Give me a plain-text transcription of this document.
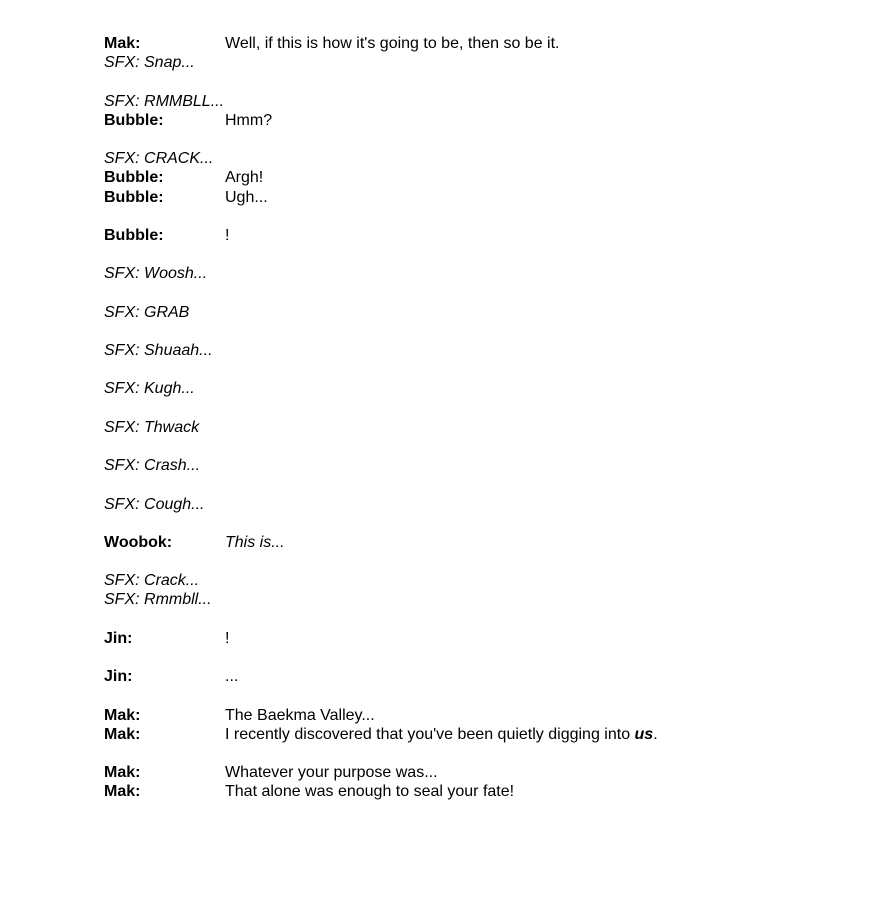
Mak:	Well, if this is how it's going to be, then so be it.
SFX: Snap...
SFX: RMMBLL...
Bubble:	Hmm?
SFX: CRACK...
Bubble:	Argh!
Bubble:	Ugh...
Bubble:	!
SFX: Woosh...
SFX: GRAB
SFX: Shuaah...
SFX: Kugh...
SFX: Thwack
SFX: Crash...
SFX: Cough...
Woobok:	This is...
SFX: Crack...
SFX: Rmmbll...
Jin:	!
Jin:	...
Mak:	The Baekma Valley...
Mak:	I recently discovered that you've been quietly digging into us.
Mak:	Whatever your purpose was...
Mak:	That alone was enough to seal your fate!
